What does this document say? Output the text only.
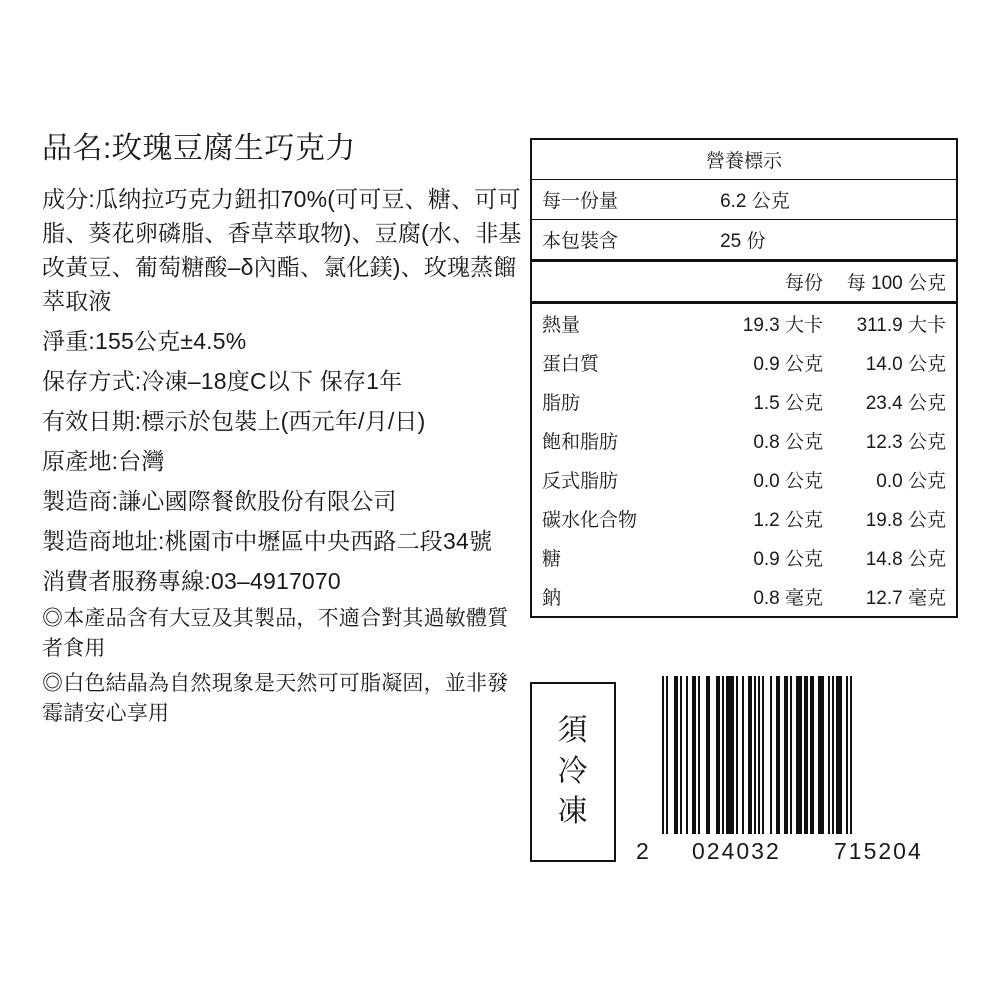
品名:玫瑰豆腐生巧克力
成分:瓜纳拉巧克力鈕扣70%(可可豆、糖、可可脂、葵花卵磷脂、香草萃取物)、豆腐(水、非基改黃豆、葡萄糖酸–δ內酯、氯化鎂)、玫瑰蒸餾萃取液
淨重:155公克±4.5%
保存方式:冷凍–18度C以下 保存1年
有效日期:標示於包裝上(西元年/月/日)
原產地:台灣
製造商:謙心國際餐飲股份有限公司
製造商地址:桃園市中壢區中央西路二段34號
消費者服務專線:03–4917070
◎本產品含有大豆及其製品，不適合對其過敏體質者食用
◎白色結晶為自然現象是天然可可脂凝固，並非發霉請安心享用
營養標示		
每一份量	6.2 公克	
本包裝含	25 份	
	每份	每 100 公克
熱量	19.3 大卡	311.9 大卡
蛋白質	0.9 公克	14.0 公克
脂肪	1.5 公克	23.4 公克
飽和脂肪	0.8 公克	12.3 公克
反式脂肪	0.0 公克	0.0 公克
碳水化合物	1.2 公克	19.8 公克
糖	0.9 公克	14.8 公克
鈉	0.8 毫克	12.7 毫克
須
冷
凍
2 024032 715204
